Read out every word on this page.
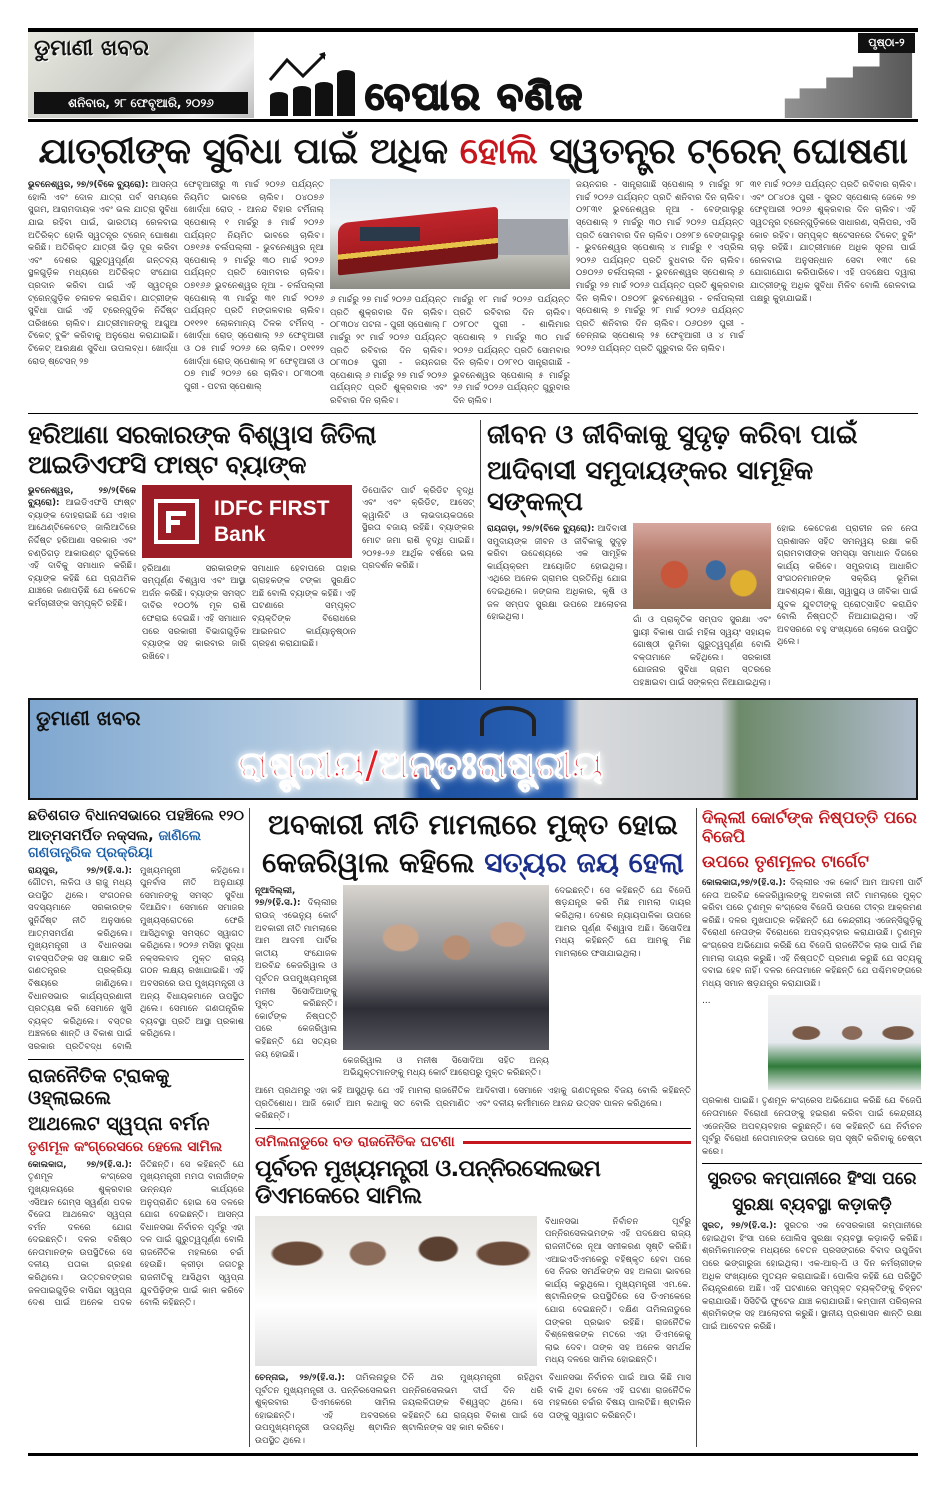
ଡୁମାଣୀ ଖବର
ଶନିବାର, ୨୮ ଫେବୃଆରି, ୨୦୨୬	ବେପାର ବଣିଜ
ପୃଷ୍ଠା-୨
ଯାତ୍ରୀଙ୍କ ସୁବିଧା ପାଇଁ ଅଧିକ ହୋଲି ସ୍ୱତନ୍ତ୍ର ଟ୍ରେନ୍ ଘୋଷଣା
ଭୁବନେଶ୍ୱର, ୨୭/୨(ବିକେ ବ୍ୟୁରୋ): ଆସନ୍ତା ହୋଲି ଏବଂ ଦୋଳ ଯାତ୍ରା ପର୍ବ ସମୟରେ ସୁଗମ, ଆରାମଦାୟକ ଏବଂ ଭଲ ଯାତ୍ରା ସୁବିଧା ଯାଇ ରହିବା ପାଇଁ, ଭାରତୀୟ ରେଳବାଇ ଅତିରିକ୍ତ ହୋଲି ସ୍ୱତନ୍ତ୍ର ଟ୍ରେନ୍ ଘୋଷଣା କରିଛି। ଅତିରିକ୍ତ ଯାତ୍ରୀ ଭିଡ଼ ଦୂର କରିବା ଏବଂ ଦେଶର ଗୁରୁତ୍ୱପୂର୍ଣ୍ଣ ଗନ୍ତବ୍ୟ ସ୍ଥଳଗୁଡ଼ିକ ମଧ୍ୟରେ ଅତିରିକ୍ତ ସଂଯୋଗ ପ୍ରଦାନ କରିବା ପାଇଁ ଏହି ସ୍ୱତନ୍ତ୍ର ଟ୍ରେନ୍‌ଗୁଡ଼ିକ ଚଳାଚଳ କରାଯିବ। ଯାତ୍ରୀଙ୍କ ସୁବିଧା ପାଇଁ ଏହି ଟ୍ରେନ୍‌ଗୁଡ଼ିକ ନିର୍ଦ୍ଦିଷ୍ଟ ତାରିଖରେ ଚାଲିବ। ଯାତ୍ରୀମାନଙ୍କୁ ଆଗୁଆ ଟିକେଟ୍ ବୁକିଂ କରିବାକୁ ଅନୁରୋଧ କରାଯାଇଛି। ଟିକେଟ୍ ଆରକ୍ଷଣ ସୁବିଧା ଉପଲବ୍ଧ। ଖୋର୍ଦ୍ଧା ରୋଡ୍ ଷ୍ଟେସନ୍ ୨୭
ଫେବୃଆରୀରୁ ୩ ମାର୍ଚ୍ଚ ୨୦୨୬ ପର୍ଯ୍ୟନ୍ତ ନିୟମିତ ଭାବରେ ଚାଲିବ। ୦୪୦୭୬ ଖୋର୍ଦ୍ଧା ରୋଡ୍ - ଆନନ୍ଦ ବିହାର ଟର୍ମିନାଲ୍ ସ୍ପେଶାଲ୍ ୧ ମାର୍ଚ୍ଚରୁ ୫ ମାର୍ଚ୍ଚ ୨୦୨୬ ପର୍ଯ୍ୟନ୍ତ ନିୟମିତ ଭାବରେ ଚାଲିବ। ୦୭୧୬୫ ଚର୍ଲପଲ୍ଲୀ - ଭୁବନେଶ୍ୱର ନୂଆ ସ୍ପେଶାଲ୍ ୨ ମାର୍ଚ୍ଚରୁ ୩୦ ମାର୍ଚ୍ଚ ୨୦୨୬ ପର୍ଯ୍ୟନ୍ତ ପ୍ରତି ସୋମବାର ଚାଲିବ। ୦୭୧୬୬ ଭୁବନେଶ୍ୱର ନୂଆ - ଚର୍ଲପଲ୍ଲୀ ସ୍ପେଶାଲ୍ ୩ ମାର୍ଚ୍ଚରୁ ୩୧ ମାର୍ଚ୍ଚ ୨୦୨୬ ପର୍ଯ୍ୟନ୍ତ ପ୍ରତି ମଙ୍ଗଳବାର ଚାଲିବ। ୦୧୧୨୧ ଲୋକମାନ୍ୟ ତିଳକ ଟର୍ମିନସ୍ - ଖୋର୍ଦ୍ଧା ରୋଡ୍ ସ୍ପେଶାଲ୍ ୨୬ ଫେବୃଆରୀ ଓ ୦୫ ମାର୍ଚ୍ଚ ୨୦୨୬ ରେ ଚାଲିବ। ୦୧୧୨୨ ଖୋର୍ଦ୍ଧା ରୋଡ୍ ସ୍ପେଶାଲ୍ ୨୮ ଫେବୃଆରୀ ଓ ୦୭ ମାର୍ଚ୍ଚ ୨୦୨୬ ରେ ଚାଲିବ। ୦୮୩୦୩ ପୁରୀ - ପଟନା ସ୍ପେଶାଲ୍
୬ ମାର୍ଚ୍ଚରୁ ୨୭ ମାର୍ଚ୍ଚ ୨୦୨୬ ପର୍ଯ୍ୟନ୍ତ ପ୍ରତି ଶୁକ୍ରବାର ଦିନ ଚାଲିବ। ୦୮୩୦୪ ପଟନା - ପୁରୀ ସ୍ପେଶାଲ୍ ୮ ମାର୍ଚ୍ଚରୁ ୨୯ ମାର୍ଚ୍ଚ ୨୦୨୬ ପର୍ଯ୍ୟନ୍ତ ପ୍ରତି ରବିବାର ଦିନ ଚାଲିବ। ୦୮୩୦୫ ପୁରୀ - ଜୟନଗର ସ୍ପେଶାଲ୍ ୬ ମାର୍ଚ୍ଚରୁ ୨୭ ମାର୍ଚ୍ଚ ୨୦୨୬ ପର୍ଯ୍ୟନ୍ତ ପ୍ରତି ଶୁକ୍ରବାର ଏବଂ ରବିବାର ଦିନ ଚାଲିବ।
ମାର୍ଚ୍ଚରୁ ୧୮ ମାର୍ଚ୍ଚ ୨୦୨୬ ପର୍ଯ୍ୟନ୍ତ ପ୍ରତି ରବିବାର ଦିନ ଚାଲିବ। ୦୨୮୦୯ ପୁରୀ - ଶାଲିମାର ସ୍ପେଶାଲ୍ ୨ ମାର୍ଚ୍ଚରୁ ୩୦ ମାର୍ଚ୍ଚ ୨୦୨୬ ପର୍ଯ୍ୟନ୍ତ ପ୍ରତି ସୋମବାର ଦିନ ଚାଲିବ। ୦୨୮୧୦ ସାନ୍ତ୍ରାଗାଛି - ଭୁବନେଶ୍ୱର ସ୍ପେଶାଲ୍ ୫ ମାର୍ଚ୍ଚରୁ ୨୬ ମାର୍ଚ୍ଚ ୨୦୨୬ ପର୍ଯ୍ୟନ୍ତ ଗୁରୁବାର ଦିନ ଚାଲିବ।
ଜୟନଗର - ସାନ୍ତ୍ରାଗାଛି ସ୍ପେଶାଲ୍ ୨ ମାର୍ଚ୍ଚରୁ ୨୮ ମାର୍ଚ୍ଚ ୨୦୨୬ ପର୍ଯ୍ୟନ୍ତ ପ୍ରତି ଶନିବାର ଦିନ ଚାଲିବ। ୦୨୮୩୧ ଭୁବନେଶ୍ୱର ନୂଆ - ବେଙ୍ଗାଲୁରୁ ସ୍ପେଶାଲ୍ ୨ ମାର୍ଚ୍ଚରୁ ୩୦ ମାର୍ଚ୍ଚ ୨୦୨୬ ପର୍ଯ୍ୟନ୍ତ ପ୍ରତି ସୋମବାର ଦିନ ଚାଲିବ। ୦୭୨୮୭ ବେଙ୍ଗାଲୁରୁ - ଭୁବନେଶ୍ୱର ସ୍ପେଶାଲ୍ ୪ ମାର୍ଚ୍ଚରୁ ୧ ଏପ୍ରିଲ ୨୦୨୬ ପର୍ଯ୍ୟନ୍ତ ପ୍ରତି ବୁଧବାର ଦିନ ଚାଲିବ। ୦୭୦୨୬ ଚର୍ଲପଲ୍ଲୀ - ଭୁବନେଶ୍ୱର ସ୍ପେଶାଲ୍ ୬ ମାର୍ଚ୍ଚରୁ ୨୭ ମାର୍ଚ୍ଚ ୨୦୨୬ ପର୍ଯ୍ୟନ୍ତ ପ୍ରତି ଶୁକ୍ରବାର ଦିନ ଚାଲିବ। ୦୭୦୨୮ ଭୁବନେଶ୍ୱର - ଚର୍ଲପଲ୍ଲୀ ସ୍ପେଶାଲ୍ ୭ ମାର୍ଚ୍ଚରୁ ୨୮ ମାର୍ଚ୍ଚ ୨୦୨୬ ପର୍ଯ୍ୟନ୍ତ ପ୍ରତି ଶନିବାର ଦିନ ଚାଲିବ। ୦୬୦୭୨ ପୁରୀ - ଚେନ୍ନାଇ ସ୍ପେଶାଲ୍ ୨୫ ଫେବୃଆରୀ ଓ ୪ ମାର୍ଚ୍ଚ ୨୦୨୬ ପର୍ଯ୍ୟନ୍ତ ପ୍ରତି ଗୁରୁବାର ଦିନ ଚାଲିବ।
୩୧ ମାର୍ଚ୍ଚ ୨୦୨୬ ପର୍ଯ୍ୟନ୍ତ ପ୍ରତି ରବିବାର ଚାଲିବ। ଏବଂ ୦୮୪୦୫ ପୁରୀ - ସୁରତ ସ୍ପେଶାଲ୍ ଜେକେ ୨୭ ଫେବୃଆରୀ ୨୦୨୬ ଶୁକ୍ରବାର ଦିନ ଚାଲିବ। ଏହି ସ୍ୱତନ୍ତ୍ର ଟ୍ରେନ୍‌ଗୁଡ଼ିକରେ ସାଧାରଣ, ସ୍ଲିପର, ଏସି କୋଚ ରହିବ। ସମ୍ପୃକ୍ତ ଷ୍ଟେସନରେ ଟିକେଟ୍ ବୁକିଂ ଚାଲୁ ରହିଛି। ଯାତ୍ରୀମାନେ ଅଧିକ ସୂଚନା ପାଇଁ ରେଳବାଇ ଅନୁସନ୍ଧାନ ସେବା ୧୩୯ ରେ ଯୋଗାଯୋଗ କରିପାରିବେ। ଏହି ପଦକ୍ଷେପ ଦ୍ୱାରା ଯାତ୍ରୀଙ୍କୁ ଅଧିକ ସୁବିଧା ମିଳିବ ବୋଲି ରେଳବାଇ ପକ୍ଷରୁ କୁହାଯାଇଛି।
ହରିଆଣା ସରକାରଙ୍କ ବିଶ୍ୱାସ ଜିତିଲା ଆଇଡିଏଫସି ଫାଷ୍ଟ ବ୍ୟାଙ୍କ
ଭୁବନେଶ୍ୱର, ୨୭/୨(ବିକେ ବ୍ୟୁରୋ): ଆଇଡିଏଫସି ଫାଷ୍ଟ ବ୍ୟାଙ୍କ ଦୋହରାଇଛି ଯେ ଏହାର ଆଥେଣ୍ଟିକେଟେଡ୍ ଜାଲିଆତିରେ ନିର୍ଦ୍ଦିଷ୍ଟ ହରିଆଣା ସରକାର ଏବଂ ଚଣ୍ଡିଗଡ଼ ଆକାଉଣ୍ଟ ଗୁଡ଼ିକରେ ଏହି ଦାବିକୁ ସମାଧାନ କରିଛି। ବ୍ୟାଙ୍କ କହିଛି ଯେ ପ୍ରାଥମିକ ଯାଞ୍ଚରେ ଜଣାପଡ଼ିଛି ଯେ କେତେକ କର୍ମଚାରୀଙ୍କ ସମ୍ପୃକ୍ତି ରହିଛି।
IDFC FIRST
Bank
ହରିଆଣା ସରକାରଙ୍କ ସମ୍ପୂର୍ଣ୍ଣ ବିଶ୍ୱାସ ଏବଂ ଆସ୍ଥା ଅର୍ଜନ କରିଛି। ବ୍ୟାଙ୍କ ସମସ୍ତ ଦାବିର ୧୦୦% ମୂଳ ରାଶି ଫେରାଇ ଦେଇଛି। ଏହି ସମାଧାନ ପରେ ସରକାରୀ ବିଭାଗଗୁଡ଼ିକ ବ୍ୟାଙ୍କ ସହ କାରବାର ଜାରି ରଖିବେ।
ସମାଧାନ ହେବାପରେ ତାହାର ଗ୍ରାହକଙ୍କ ଟଙ୍କା ସୁରକ୍ଷିତ ଅଛି ବୋଲି ବ୍ୟାଙ୍କ କହିଛି। ଏହି ଘଟଣାରେ ସମ୍ପୃକ୍ତ ବ୍ୟକ୍ତିଙ୍କ ବିରୋଧରେ ଆଇନଗତ କାର୍ଯ୍ୟାନୁଷ୍ଠାନ ଗ୍ରହଣ କରାଯାଇଛି।
ଡିପୋଜିଟ ପାର୍ଟ କ୍ରିଡିଟ ବୃଦ୍ଧି ଏବଂ ଏବଂ କ୍ରିଡିଟ, ଆସେଟ୍ କ୍ୱାଲିଟି ଓ ଲାଭଦାୟକତାରେ ସ୍ଥିରତା ବଜାୟ ରହିଛି। ବ୍ୟାଙ୍କର ମୋଟ ଜମା ରାଶି ବୃଦ୍ଧି ପାଇଛି। ୨୦୨୫-୨୬ ଆର୍ଥିକ ବର୍ଷରେ ଭଲ ପ୍ରଦର୍ଶନ କରିଛି।
ଜୀବନ ଓ ଜୀବିକାକୁ ସୁଦୃଢ଼ କରିବା ପାଇଁ
ଆଦିବାସୀ ସମୁଦାୟଙ୍କର ସାମୂହିକ ସଙ୍କଳ୍ପ
ରାୟଗଡ଼ା, ୨୭/୨(ବିକେ ବ୍ୟୁରୋ): ଆଦିବାସୀ ସମୁଦାୟଙ୍କ ଜୀବନ ଓ ଜୀବିକାକୁ ସୁଦୃଢ଼ କରିବା ଉଦ୍ଦେଶ୍ୟରେ ଏକ ସାମୂହିକ କାର୍ଯ୍ୟକ୍ରମ ଆୟୋଜିତ ହୋଇଥିଲା। ଏଥିରେ ଅନେକ ଗ୍ରାମର ପ୍ରତିନିଧି ଯୋଗ ଦେଇଥିଲେ। ଜଙ୍ଗଲ ଅଧିକାର, କୃଷି ଓ ଜଳ ସମ୍ପଦ ସୁରକ୍ଷା ଉପରେ ଆଲୋଚନା ହୋଇଥିଲା।	ଗାଁ ଓ ପ୍ରାକୃତିକ ସମ୍ପଦ ସୁରକ୍ଷା ଏବଂ ସ୍ଥାୟୀ ବିକାଶ ପାଇଁ ମହିଳା ସ୍ୱୟଂ ସହାୟକ ଗୋଷ୍ଠୀ ଭୂମିକା ଗୁରୁତ୍ୱପୂର୍ଣ୍ଣ ବୋଲି ବକ୍ତାମାନେ କହିଥିଲେ। ସରକାରୀ ଯୋଜନାର ସୁବିଧା ଗ୍ରାମ ସ୍ତରରେ ପହଞ୍ଚାଇବା ପାଇଁ ସଙ୍କଳ୍ପ ନିଆଯାଇଥିଲା।
ହୋଇ କେତେଜଣ ପ୍ରାଚୀନ ଜନ ନେତା ପ୍ରଶାସନ ସହିତ ସମନ୍ୱୟ ରକ୍ଷା କରି ଗ୍ରାମବାସୀଙ୍କ ସମସ୍ୟା ସମାଧାନ ଦିଗରେ କାର୍ଯ୍ୟ କରିବେ। ସମ୍ପ୍ରଦାୟ ଆଧାରିତ ସଂଗଠନମାନଙ୍କ ସକ୍ରିୟ ଭୂମିକା ଆବଶ୍ୟକ। ଶିକ୍ଷା, ସ୍ୱାସ୍ଥ୍ୟ ଓ ଜୀବିକା ପାଇଁ ଯୁବକ ଯୁବତୀଙ୍କୁ ପ୍ରୋତ୍ସାହିତ କରାଯିବ ବୋଲି ନିଷ୍ପତ୍ତି ନିଆଯାଇଥିଲା। ଏହି ଅବସରରେ ବହୁ ସଂଖ୍ୟାରେ ଲୋକେ ଉପସ୍ଥିତ ଥିଲେ।
ଡୁମାଣୀ ଖବର
ରାଷ୍ଟ୍ରୀୟ/ଅନ୍ତଃରାଷ୍ଟ୍ରୀୟ
ଛତିଶଗଡ ବିଧାନସଭାରେ ପହଞ୍ଚିଲେ ୧୨୦
ଆତ୍ମସମର୍ପିତ ନକ୍ସଲ, ଜାଣିଲେ ଗଣତାନ୍ତ୍ରିକ ପ୍ରକ୍ରିୟା
ରାୟପୁର, ୨୭/୨(ହି.ସ.): ଗୌତମ, ଲଳିତା ଓ ରାଜୁ ମଧ୍ୟ ଉପସ୍ଥିତ ଥିଲେ। ସଂଗଠନର ସଦସ୍ୟମାନେ ସରକାରଙ୍କ ସୁନିର୍ଦ୍ଦିଷ୍ଟ ନୀତି ଅନୁସାରେ ଆତ୍ମସମର୍ପଣ କରିଥିଲେ। ମୁଖ୍ୟମନ୍ତ୍ରୀ ଓ ବିଧାନସଭା ବାଚସ୍ପତିଙ୍କ ସହ ସାକ୍ଷାତ କରି ଗଣତନ୍ତ୍ରର ପ୍ରକ୍ରିୟା ବିଷୟରେ ଜାଣିଥିଲେ। ବିଧାନସଭାର କାର୍ଯ୍ୟପ୍ରଣାଳୀ ପ୍ରତ୍ୟକ୍ଷ କରି ସେମାନେ ଖୁସି ବ୍ୟକ୍ତ କରିଥିଲେ। ବସ୍ତର ଅଞ୍ଚଳରେ ଶାନ୍ତି ଓ ବିକାଶ ପାଇଁ ସରକାର ପ୍ରତିବଦ୍ଧ ବୋଲି ମୁଖ୍ୟମନ୍ତ୍ରୀ କହିଥିଲେ। ପୁନର୍ବାସ ନୀତି ଅନୁଯାୟୀ ସେମାନଙ୍କୁ ସମସ୍ତ ସୁବିଧା ଦିଆଯିବ। ସେମାନେ ସମାଜର ମୁଖ୍ୟସ୍ରୋତରେ ଫେରି ଆସିଥିବାରୁ ସମସ୍ତେ ସ୍ୱାଗତ କରିଥିଲେ। ୨୦୨୬ ମସିହା ସୁଦ୍ଧା ନକ୍ସଲବାଦ ମୁକ୍ତ ରାଜ୍ୟ ଗଠନ ଲକ୍ଷ୍ୟ ରଖାଯାଇଛି। ଏହି ଅବସରରେ ଉପ ମୁଖ୍ୟମନ୍ତ୍ରୀ ଓ ଅନ୍ୟ ବିଧାୟକମାନେ ଉପସ୍ଥିତ ଥିଲେ। ସେମାନେ ଗଣତାନ୍ତ୍ରିକ ବ୍ୟବସ୍ଥା ପ୍ରତି ଆସ୍ଥା ପ୍ରକାଶ କରିଥିଲେ।
ରାଜନୈତିକ ଟ୍ରାକକୁ ଓହ୍ଲାଇଲେ
ଆଥଲେଟ ସ୍ୱପ୍ନା ବର୍ମନ
ତୃଣମୂଳ କଂଗ୍ରେସରେ ହେଲେ ସାମିଲ
କୋଲକାତା, ୨୭/୨(ହି.ସ.): ତୃଣମୂଳ କଂଗ୍ରେସ ମୁଖ୍ୟାଳୟରେ ଶୁକ୍ରବାର ଏସିଆନ ଗେମ୍ସ ସ୍ୱର୍ଣ୍ଣ ପଦକ ବିଜେତା ଆଥଲେଟ ସ୍ୱପ୍ନା ବର୍ମନ ଦଳରେ ଯୋଗ ଦେଇଛନ୍ତି। ଦଳର ବରିଷ୍ଠ ନେତାମାନଙ୍କ ଉପସ୍ଥିତିରେ ସେ ଦଳୀୟ ପତାକା ଗ୍ରହଣ କରିଥିଲେ। ଉତ୍ତରବଙ୍ଗର ଜଳପାଇଗୁଡ଼ିର ବାସିନ୍ଦା ସ୍ୱପ୍ନା ଦେଶ ପାଇଁ ଅନେକ ପଦକ ଜିତିଛନ୍ତି। ସେ କହିଛନ୍ତି ଯେ ମୁଖ୍ୟମନ୍ତ୍ରୀ ମମତା ବାନାର୍ଜୀଙ୍କ ଉନ୍ନୟନ କାର୍ଯ୍ୟରେ ଅନୁପ୍ରାଣିତ ହୋଇ ସେ ଦଳରେ ଯୋଗ ଦେଇଛନ୍ତି। ଆସନ୍ତା ବିଧାନସଭା ନିର୍ବାଚନ ପୂର୍ବରୁ ଏହା ଦଳ ପାଇଁ ଗୁରୁତ୍ୱପୂର୍ଣ୍ଣ ବୋଲି ରାଜନୈତିକ ମହଲରେ ଚର୍ଚ୍ଚା ହେଉଛି। କ୍ରୀଡ଼ା ଜଗତରୁ ରାଜନୀତିକୁ ଆସିଥିବା ସ୍ୱପ୍ନା ଯୁବପିଢ଼ିଙ୍କ ପାଇଁ କାମ କରିବେ ବୋଲି କହିଛନ୍ତି।
ଅବକାରୀ ନୀତି ମାମଲାରେ ମୁକ୍ତ ହୋଇ
କେଜରିୱାଲ କହିଲେ ସତ୍ୟର ଜୟ ହେଲା
ନୂଆଦିଲ୍ଲୀ, ୨୭/୨(ହି.ସ.): ଦିଲ୍ଲୀର ରାଉଜ୍ ଏଭେନ୍ୟୁ କୋର୍ଟ ଅବକାରୀ ନୀତି ମାମଲାରେ ଆମ ଆଦମୀ ପାର୍ଟିର ଜାତୀୟ ସଂଯୋଜକ ଅରବିନ୍ଦ କେଜରିୱାଲ ଓ ପୂର୍ବତନ ଉପମୁଖ୍ୟମନ୍ତ୍ରୀ ମନୀଷ ସିସୋଦିଆଙ୍କୁ ମୁକ୍ତ କରିଛନ୍ତି। କୋର୍ଟଙ୍କ ନିଷ୍ପତ୍ତି ପରେ କେଜରିୱାଲ କହିଛନ୍ତି ଯେ ସତ୍ୟର ଜୟ ହୋଇଛି।
କେଜରିୱାଲ ଓ ମନୀଷ ସିସୋଦିଆ ସହିତ ଅନ୍ୟ ଅଭିଯୁକ୍ତମାନଙ୍କୁ ମଧ୍ୟ କୋର୍ଟ ଆରୋପରୁ ମୁକ୍ତ କରିଛନ୍ତି।
ଦେଇଛନ୍ତି। ସେ କହିଛନ୍ତି ଯେ ବିଜେପି ଷଡ଼ଯନ୍ତ୍ର କରି ମିଛ ମାମଲା ଦାୟର କରିଥିଲା। ଦେଶର ନ୍ୟାୟପାଳିକା ଉପରେ ଆମର ପୂର୍ଣ୍ଣ ବିଶ୍ୱାସ ଅଛି। ସିସୋଦିଆ ମଧ୍ୟ କହିଛନ୍ତି ଯେ ଆମକୁ ମିଛ ମାମଲାରେ ଫସାଯାଇଥିଲା।
ଆମେ ପ୍ରଥମରୁ ଏହା କହି ଆସୁଥିଲୁ ଯେ ଏହି ମାମଲା ରାଜନୈତିକ ପ୍ରତିଶୋଧ। ଆଜି କୋର୍ଟ ଆମ କଥାକୁ ସତ ବୋଲି ପ୍ରମାଣିତ କରିଛନ୍ତି।
ଆଦିବାସୀ। ସେମାନେ ଏହାକୁ ଗଣତନ୍ତ୍ରର ବିଜୟ ବୋଲି କହିଛନ୍ତି ଏବଂ ଦଳୀୟ କର୍ମୀମାନେ ଆନନ୍ଦ ଉତ୍ସବ ପାଳନ କରିଥିଲେ।
ତାମିଲନାଡୁରେ ବଡ ରାଜନୈତିକ ଘଟଣା
ପୂର୍ବତନ ମୁଖ୍ୟମନ୍ତ୍ରୀ ଓ.ପନ୍ନିରସେଲଭମ ଡିଏମକେରେ ସାମିଲ
ବିଧାନସଭା ନିର୍ବାଚନ ପୂର୍ବରୁ ପନ୍ନିରସେଲଭମଙ୍କ ଏହି ପଦକ୍ଷେପ ରାଜ୍ୟ ରାଜନୀତିରେ ନୂଆ ସମୀକରଣ ସୃଷ୍ଟି କରିଛି। ଏଆଇଏଡିଏମକେରୁ ବହିଷ୍କୃତ ହେବା ପରେ ସେ ନିଜର ସମର୍ଥକଙ୍କ ସହ ଅଲଗା ଭାବରେ କାର୍ଯ୍ୟ କରୁଥିଲେ। ମୁଖ୍ୟମନ୍ତ୍ରୀ ଏମ.କେ. ଷ୍ଟାଲିନଙ୍କ ଉପସ୍ଥିତିରେ ସେ ଡିଏମକେରେ ଯୋଗ ଦେଇଛନ୍ତି। ଦକ୍ଷିଣ ତାମିଲନାଡୁରେ ତାଙ୍କର ପ୍ରଭାବ ରହିଛି। ରାଜନୈତିକ ବିଶ୍ଳେଷକଙ୍କ ମତରେ ଏହା ଡିଏମକେକୁ ଲାଭ ଦେବ। ତାଙ୍କ ସହ ଅନେକ ସମର୍ଥକ ମଧ୍ୟ ଦଳରେ ସାମିଲ ହୋଇଛନ୍ତି।
ଚେନ୍ନାଇ, ୨୭/୨(ହି.ସ.): ତାମିଲନାଡୁର ପୂର୍ବତନ ମୁଖ୍ୟମନ୍ତ୍ରୀ ଓ. ପନ୍ନିରସେଲଭମ ଶୁକ୍ରବାର ଡିଏମକେରେ ସାମିଲ ହୋଇଛନ୍ତି। ଏହି ଅବସରରେ ଉପମୁଖ୍ୟମନ୍ତ୍ରୀ ଉଦୟନିଧି ଷ୍ଟାଲିନ ଉପସ୍ଥିତ ଥିଲେ।
ତିନି ଥର ମୁଖ୍ୟମନ୍ତ୍ରୀ ରହିଥିବା ପନ୍ନିରସେଲଭମ ଦୀର୍ଘ ଦିନ ଧରି ଜୟଲଳିତାଙ୍କ ବିଶ୍ୱସ୍ତ ଥିଲେ। ସେ କହିଛନ୍ତି ଯେ ରାଜ୍ୟର ବିକାଶ ପାଇଁ ସେ ଷ୍ଟାଲିନଙ୍କ ସହ କାମ କରିବେ।
ବିଧାନସଭା ନିର୍ବାଚନ ପାଇଁ ଆଉ କିଛି ମାସ ବାକି ଥିବା ବେଳେ ଏହି ଘଟଣା ରାଜନୈତିକ ମହଲରେ ଚର୍ଚ୍ଚାର ବିଷୟ ପାଲଟିଛି। ଷ୍ଟାଲିନ ତାଙ୍କୁ ସ୍ୱାଗତ କରିଛନ୍ତି।
ଦିଲ୍ଲୀ କୋର୍ଟଙ୍କ ନିଷ୍ପତ୍ତି ପରେ ବିଜେପି
ଉପରେ ତୃଣମୂଳର ଟାର୍ଗେଟ
କୋଲକାତା,୨୭/୨(ହି.ସ.): ଦିଲ୍ଲୀର ଏକ କୋର୍ଟ ଆମ ଆଦମୀ ପାର୍ଟି ନେତା ଅରବିନ୍ଦ କେଜରିୱାଲଙ୍କୁ ଅବକାରୀ ନୀତି ମାମଲାରେ ମୁକ୍ତ କରିବା ପରେ ତୃଣମୂଳ କଂଗ୍ରେସ ବିଜେପି ଉପରେ ତୀବ୍ର ଆକ୍ରମଣ କରିଛି। ଦଳର ମୁଖପାତ୍ର କହିଛନ୍ତି ଯେ କେନ୍ଦ୍ରୀୟ ଏଜେନ୍ସିଗୁଡ଼ିକୁ ବିରୋଧୀ ନେତାଙ୍କ ବିରୋଧରେ ଅପବ୍ୟବହାର କରାଯାଉଛି। ତୃଣମୂଳ କଂଗ୍ରେସ ଅଭିଯୋଗ କରିଛି ଯେ ବିଜେପି ରାଜନୈତିକ ଲାଭ ପାଇଁ ମିଛ ମାମଲା ଦାୟର କରୁଛି। ଏହି ନିଷ୍ପତ୍ତି ପ୍ରମାଣ କରୁଛି ଯେ ସତ୍ୟକୁ ଦବାଇ ହେବ ନାହିଁ। ଦଳର ନେତାମାନେ କହିଛନ୍ତି ଯେ ପଶ୍ଚିମବଙ୍ଗରେ ମଧ୍ୟ ସମାନ ଷଡ଼ଯନ୍ତ୍ର କରାଯାଉଛି।
…
ପ୍ରକାଶ ପାଇଛି। ତୃଣମୂଳ କଂଗ୍ରେସ ଅଭିଯୋଗ କରିଛି ଯେ ବିଜେପି ନେତାମାନେ ବିରୋଧୀ ନେତାଙ୍କୁ ହଇରାଣ କରିବା ପାଇଁ କେନ୍ଦ୍ରୀୟ ଏଜେନ୍ସିର ଅପବ୍ୟବହାର କରୁଛନ୍ତି। ସେ କହିଛନ୍ତି ଯେ ନିର୍ବାଚନ ପୂର୍ବରୁ ବିରୋଧୀ ନେତାମାନଙ୍କ ଉପରେ ଚାପ ସୃଷ୍ଟି କରିବାକୁ ଚେଷ୍ଟା କରେ।
ସୁରତର କମ୍ପାନୀରେ ହିଂସା ପରେ
ସୁରକ୍ଷା ବ୍ୟବସ୍ଥା କଡ଼ାକଡ଼ି
ସୁରତ, ୨୭/୨(ହି.ସ.): ସୁରତର ଏକ ବେସରକାରୀ କମ୍ପାନୀରେ ହୋଇଥିବା ହିଂସା ପରେ ପୋଲିସ ସୁରକ୍ଷା ବ୍ୟବସ୍ଥା କଡ଼ାକଡ଼ି କରିଛି। ଶ୍ରମିକମାନଙ୍କ ମଧ୍ୟରେ ବେତନ ପ୍ରସଙ୍ଗରେ ବିବାଦ ଉପୁଜିବା ପରେ ଭଙ୍ଗାରୁଜା ହୋଇଥିଲା। ଏକ-ଆର୍-ପି ଓ ଦିନ କର୍ମଚାରୀଙ୍କ ଅଧିକ ସଂଖ୍ୟାରେ ମୁତୟନ କରାଯାଇଛି। ପୋଲିସ କହିଛି ଯେ ପରିସ୍ଥିତି ନିୟନ୍ତ୍ରଣରେ ଅଛି। ଏହି ଘଟଣାରେ ସମ୍ପୃକ୍ତ ବ୍ୟକ୍ତିଙ୍କୁ ଚିହ୍ନଟ କରାଯାଉଛି। ସିସିଟିଭି ଫୁଟେଜ ଯାଞ୍ଚ କରାଯାଉଛି। କମ୍ପାନୀ ପରିଚାଳନା ଶ୍ରମିକଙ୍କ ସହ ଆଲୋଚନା କରୁଛି। ସ୍ଥାନୀୟ ପ୍ରଶାସନ ଶାନ୍ତି ରକ୍ଷା ପାଇଁ ଆବେଦନ କରିଛି।
